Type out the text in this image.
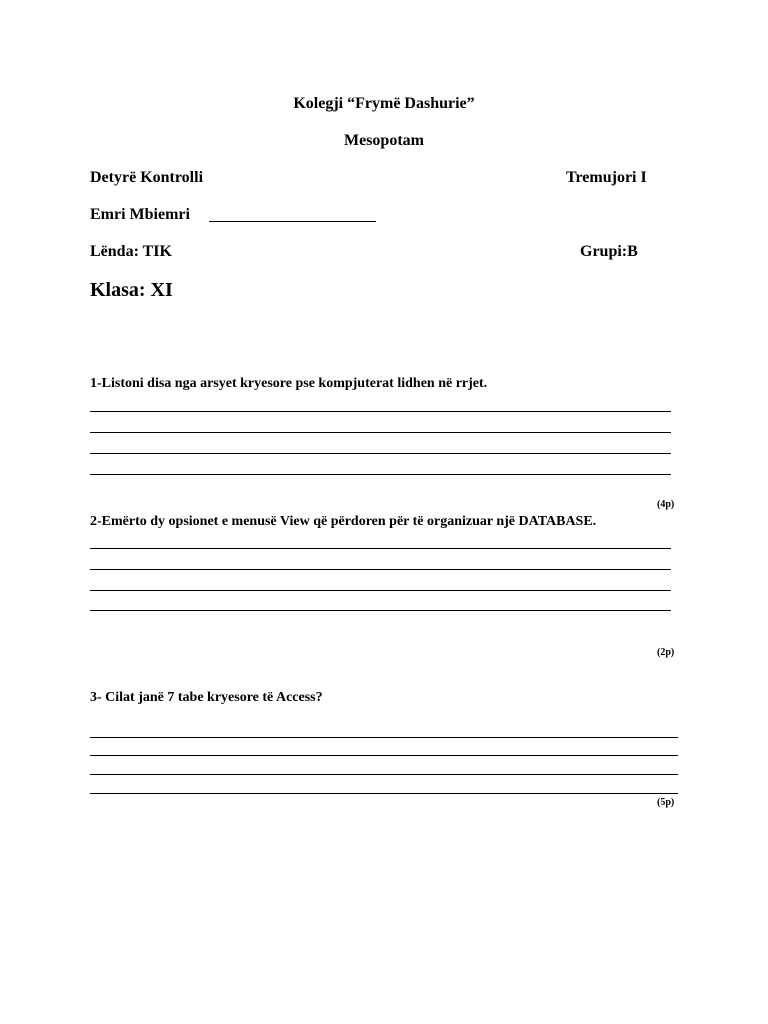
Kolegji “Frymë Dashurie”
Mesopotam
Detyrë Kontrolli	Tremujori I
Emri Mbiemri
Lënda: TIK	Grupi:B
Klasa: XI
1-Listoni disa nga arsyet kryesore pse kompjuterat lidhen në rrjet.
(4p)
2-Emërto dy opsionet e menusë View që përdoren për të organizuar një DATABASE.
(2p)
3- Cilat janë 7 tabe kryesore të Access?
(5p)
